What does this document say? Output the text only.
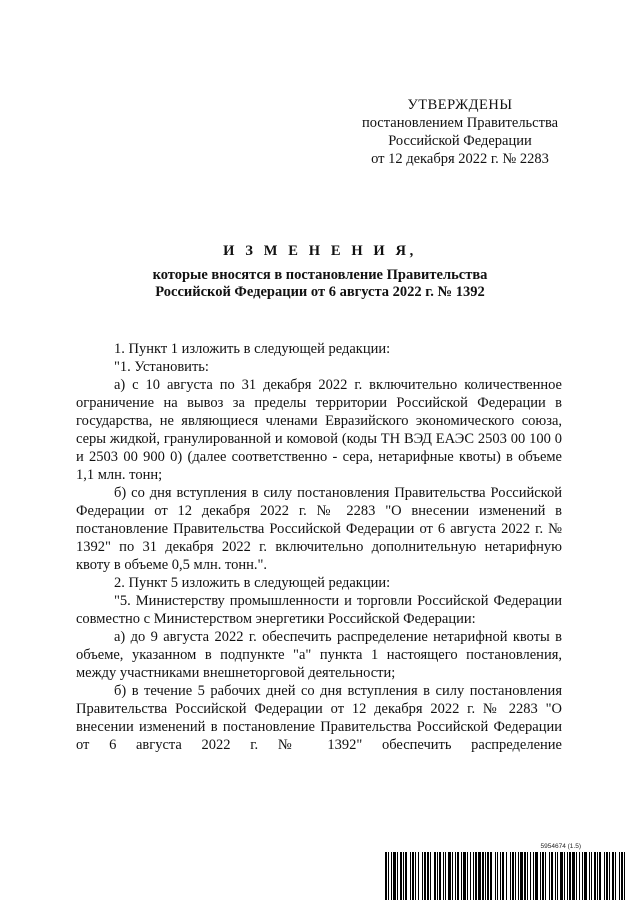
УТВЕРЖДЕНЫ
постановлением Правительства
Российской Федерации
от 12 декабря 2022 г. № 2283
И З М Е Н Е Н И Я,
которые вносятся в постановление Правительства
Российской Федерации от 6 августа 2022 г. № 1392

1. Пункт 1 изложить в следующей редакции:

"1. Установить:

а) с 10 августа по 31 декабря 2022 г. включительно количественное ограничение на вывоз за пределы территории Российской Федерации в государства, не являющиеся членами Евразийского экономического союза, серы жидкой, гранулированной и комовой (коды ТН ВЭД ЕАЭС 2503 00 100 0 и 2503 00 900 0) (далее соответственно - сера, нетарифные квоты) в объеме 1,1 млн. тонн;

б) со дня вступления в силу постановления Правительства Российской Федерации от 12 декабря 2022 г. № 2283 "О внесении изменений в постановление Правительства Российской Федерации от 6 августа 2022 г. № 1392" по 31 декабря 2022 г. включительно дополнительную нетарифную квоту в объеме 0,5 млн. тонн.".

2. Пункт 5 изложить в следующей редакции:

"5. Министерству промышленности и торговли Российской Федерации совместно с Министерством энергетики Российской Федерации:

а) до 9 августа 2022 г. обеспечить распределение нетарифной квоты в объеме, указанном в подпункте "а" пункта 1 настоящего постановления, между участниками внешнеторговой деятельности;

б) в течение 5 рабочих дней со дня вступления в силу постановления Правительства Российской Федерации от 12 декабря 2022 г. № 2283 "О внесении изменений в постановление Правительства Российской Федерации от 6 августа 2022 г. № 1392" обеспечить распределение

5954674 (1.5)
